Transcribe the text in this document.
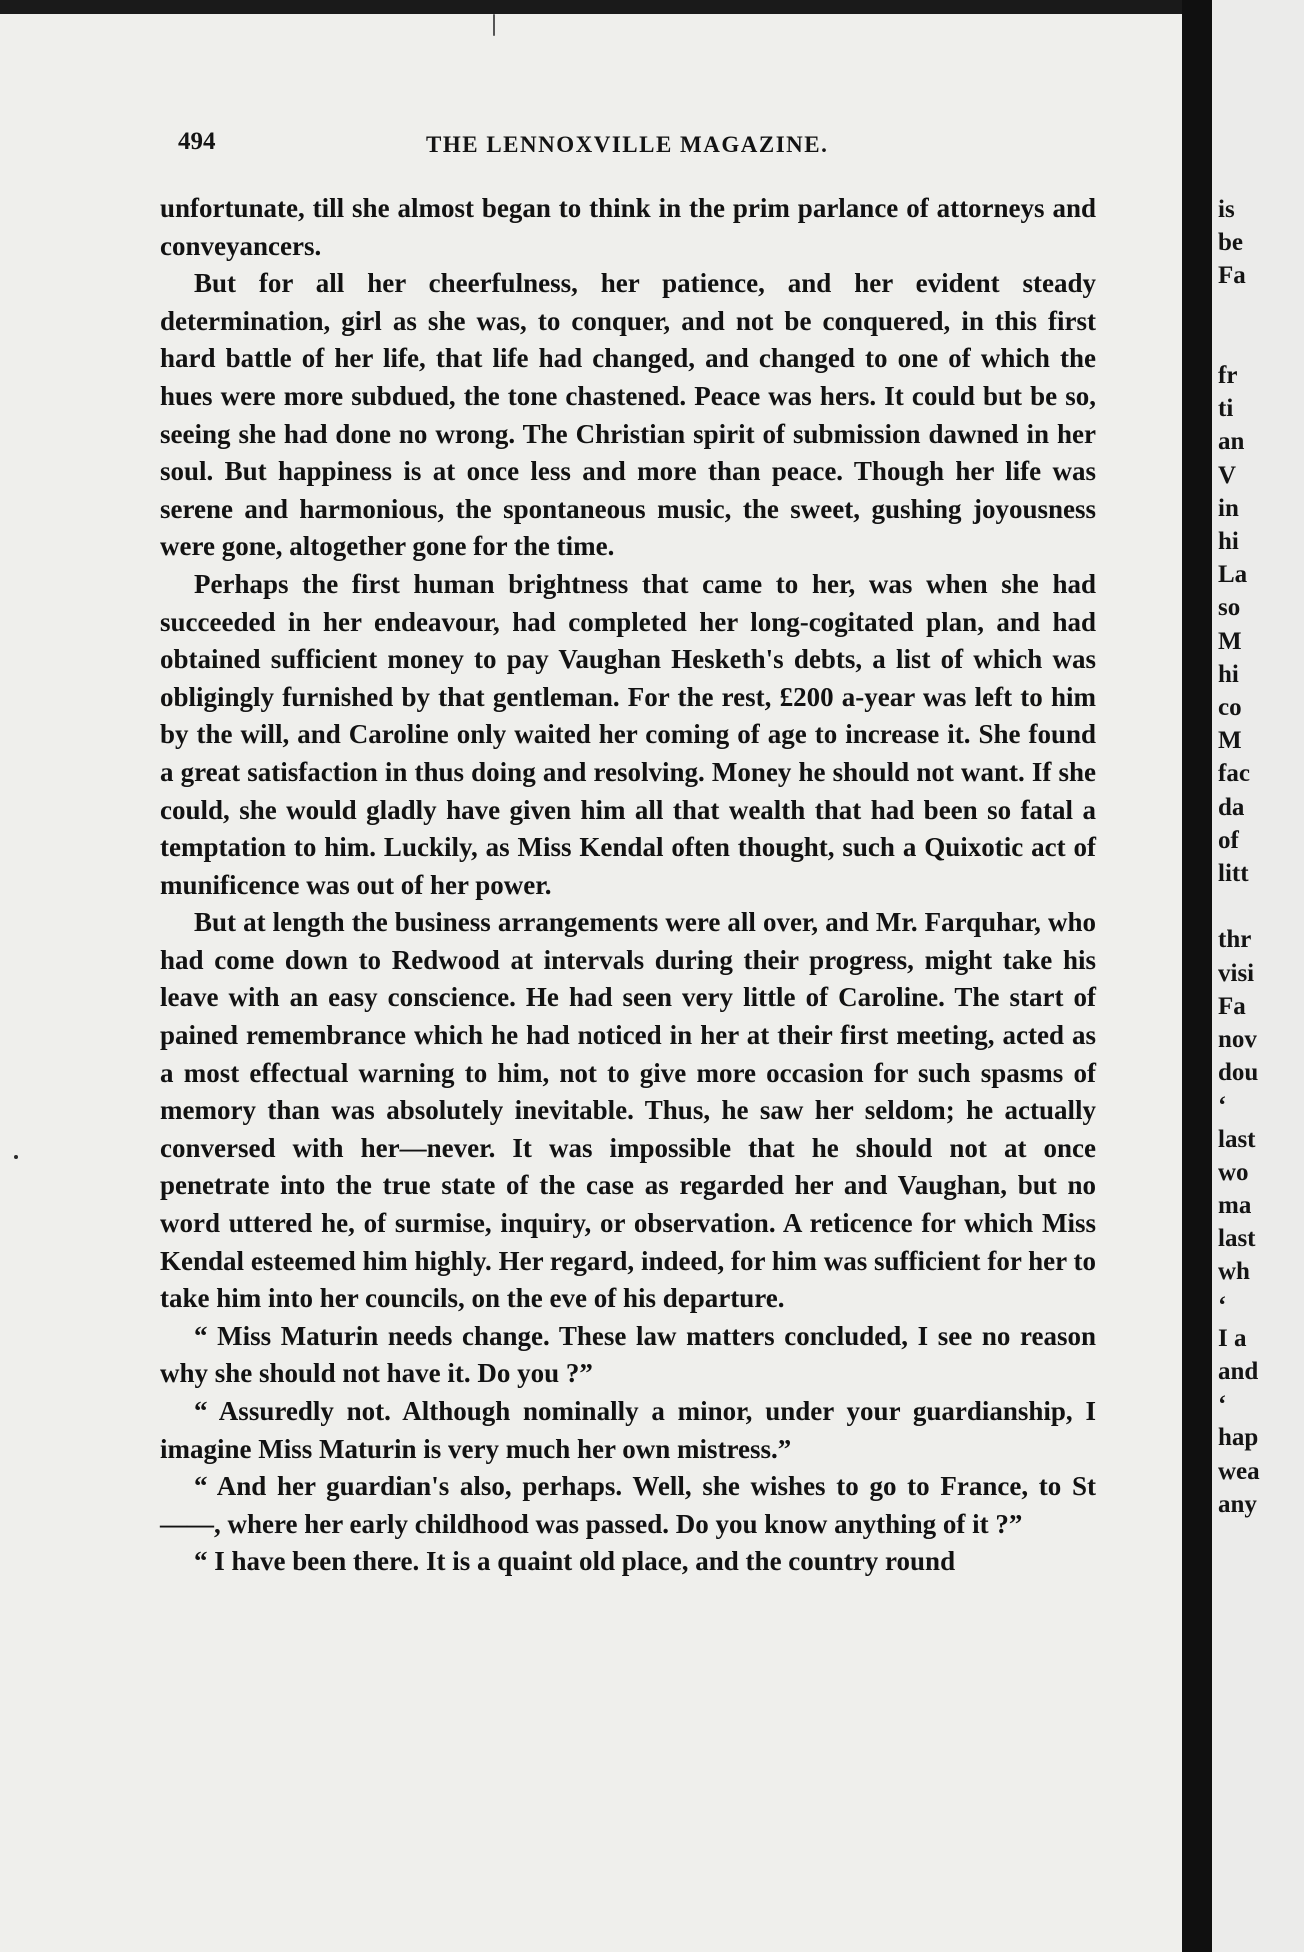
494	THE LENNOXVILLE MAGAZINE.

unfortunate, till she almost began to think in the prim parlance of attorneys and conveyancers.

But for all her cheerfulness, her patience, and her evident steady determination, girl as she was, to conquer, and not be conquered, in this first hard battle of her life, that life had changed, and changed to one of which the hues were more subdued, the tone chastened. Peace was hers. It could but be so, seeing she had done no wrong. The Christian spirit of submission dawned in her soul. But happiness is at once less and more than peace. Though her life was serene and harmonious, the spontaneous music, the sweet, gushing joyousness were gone, altogether gone for the time.

Perhaps the first human brightness that came to her, was when she had succeeded in her endeavour, had completed her long-cogitated plan, and had obtained sufficient money to pay Vaughan Hesketh's debts, a list of which was obligingly furnished by that gentleman. For the rest, £200 a-year was left to him by the will, and Caroline only waited her coming of age to increase it. She found a great satisfaction in thus doing and resolving. Money he should not want. If she could, she would gladly have given him all that wealth that had been so fatal a temptation to him. Luckily, as Miss Kendal often thought, such a Quixotic act of munificence was out of her power.

But at length the business arrangements were all over, and Mr. Farquhar, who had come down to Redwood at intervals during their progress, might take his leave with an easy conscience. He had seen very little of Caroline. The start of pained remembrance which he had noticed in her at their first meeting, acted as a most effectual warning to him, not to give more occasion for such spasms of memory than was absolutely inevitable. Thus, he saw her seldom; he actually conversed with her—never. It was impossible that he should not at once penetrate into the true state of the case as regarded her and Vaughan, but no word uttered he, of surmise, inquiry, or observation. A reticence for which Miss Kendal esteemed him highly. Her regard, indeed, for him was sufficient for her to take him into her councils, on the eve of his departure.

“ Miss Maturin needs change. These law matters concluded, I see no reason why she should not have it. Do you ?”

“ Assuredly not. Although nominally a minor, under your guardianship, I imagine Miss Maturin is very much her own mistress.”

“ And her guardian's also, perhaps. Well, she wishes to go to France, to St——, where her early childhood was passed. Do you know anything of it ?”

“ I have been there. It is a quaint old place, and the country round

is
be
Fa
fr
ti
an
V
in
hi
La
so
M
hi
co
M
fac
da
of
litt
thr
visi
Fa
nov
dou
‘
last
wo
ma
last
wh
‘
I a
and
‘
hap
wea
any
